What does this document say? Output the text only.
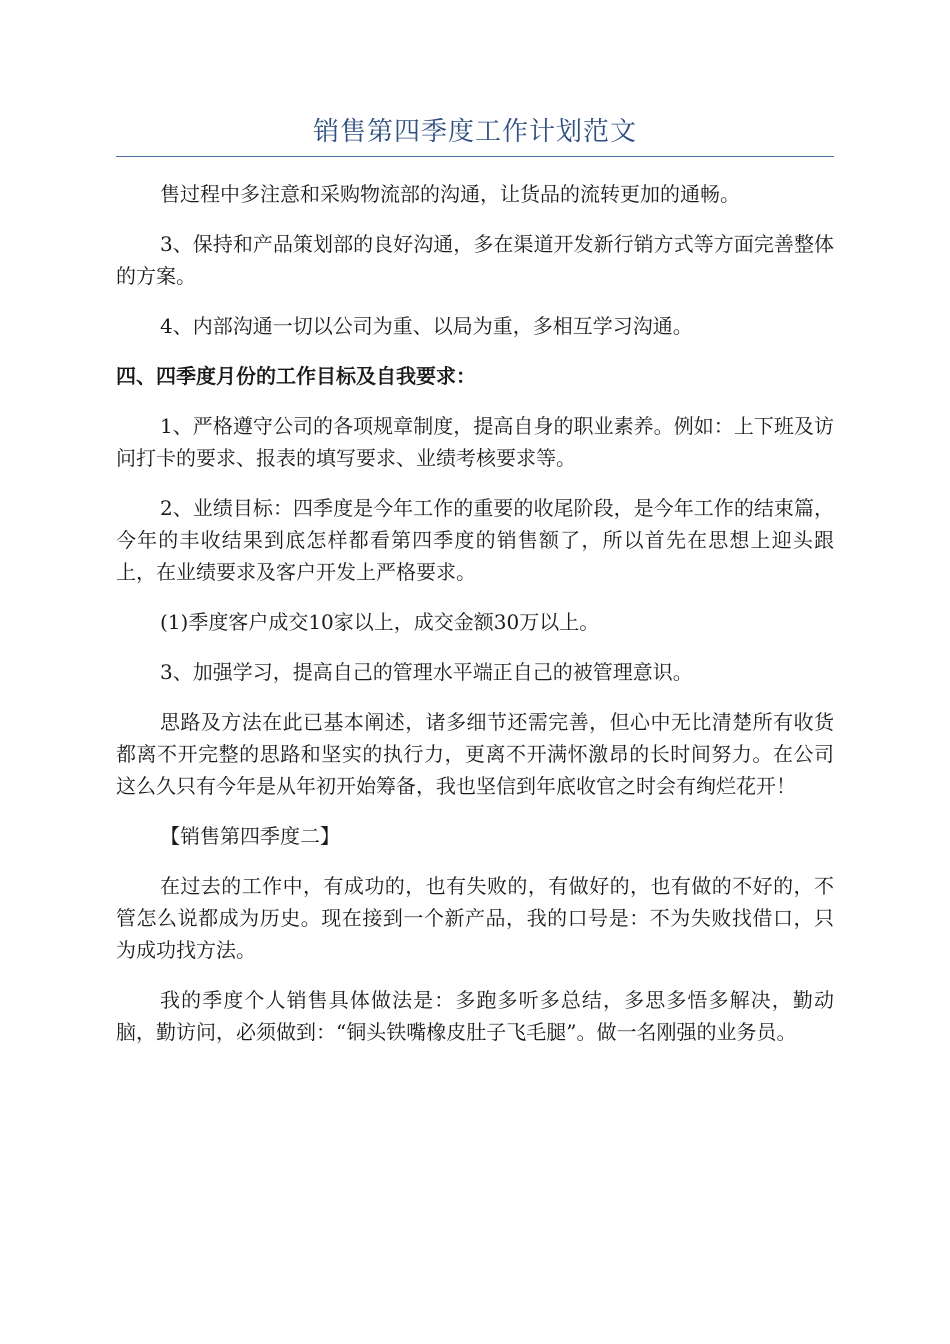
销售第四季度工作计划范文

售过程中多注意和采购物流部的沟通，让货品的流转更加的通畅。

3、保持和产品策划部的良好沟通，多在渠道开发新行销方式等方面完善整体的方案。

4、内部沟通一切以公司为重、以局为重，多相互学习沟通。

四、四季度月份的工作目标及自我要求：

1、严格遵守公司的各项规章制度，提高自身的职业素养。例如：上下班及访问打卡的要求、报表的填写要求、业绩考核要求等。

2、业绩目标：四季度是今年工作的重要的收尾阶段，是今年工作的结束篇，今年的丰收结果到底怎样都看第四季度的销售额了，所以首先在思想上迎头跟上，在业绩要求及客户开发上严格要求。

(1)季度客户成交10家以上，成交金额30万以上。

3、加强学习，提高自己的管理水平端正自己的被管理意识。

思路及方法在此已基本阐述，诸多细节还需完善，但心中无比清楚所有收货都离不开完整的思路和坚实的执行力，更离不开满怀激昂的长时间努力。在公司这么久只有今年是从年初开始筹备，我也坚信到年底收官之时会有绚烂花开！

【销售第四季度二】

在过去的工作中，有成功的，也有失败的，有做好的，也有做的不好的，不管怎么说都成为历史。现在接到一个新产品，我的口号是：不为失败找借口，只为成功找方法。

我的季度个人销售具体做法是：多跑多听多总结，多思多悟多解决，勤动脑，勤访问，必须做到：“铜头铁嘴橡皮肚子飞毛腿”。做一名刚强的业务员。
